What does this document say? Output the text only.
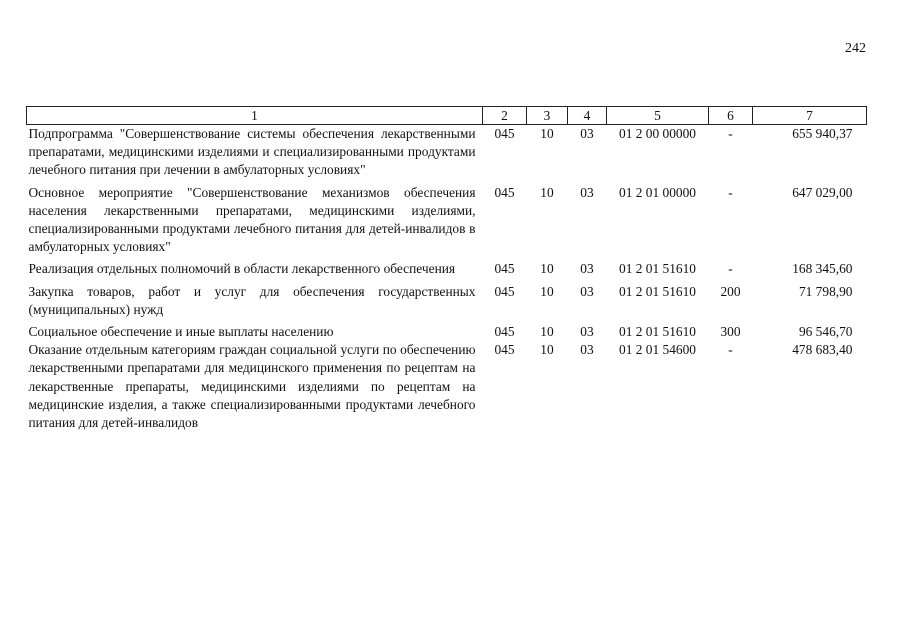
242
1	2	3	4	5	6	7
Подпрограмма "Совершенствование системы обеспечения лекарственными препаратами, медицинскими изделиями и специализированными продуктами лечебного питания при лечении в амбулаторных условиях"	045	10	03	01 2 00 00000	-	655 940,37
Основное мероприятие "Совершенствование механизмов обеспечения населения лекарственными препаратами, медицинскими изделиями, специализированными продуктами лечебного питания для детей-инвалидов в амбулаторных условиях"	045	10	03	01 2 01 00000	-	647 029,00
Реализация отдельных полномочий в области лекарственного обеспечения	045	10	03	01 2 01 51610	-	168 345,60
Закупка товаров, работ и услуг для обеспечения государственных (муниципальных) нужд	045	10	03	01 2 01 51610	200	71 798,90
Социальное обеспечение и иные выплаты населению	045	10	03	01 2 01 51610	300	96 546,70
Оказание отдельным категориям граждан социальной услуги по обеспечению лекарственными препаратами для медицинского применения по рецептам на лекарственные препараты, медицинскими изделиями по рецептам на медицинские изделия, а также специализированными продуктами лечебного питания для детей-инвалидов	045	10	03	01 2 01 54600	-	478 683,40
